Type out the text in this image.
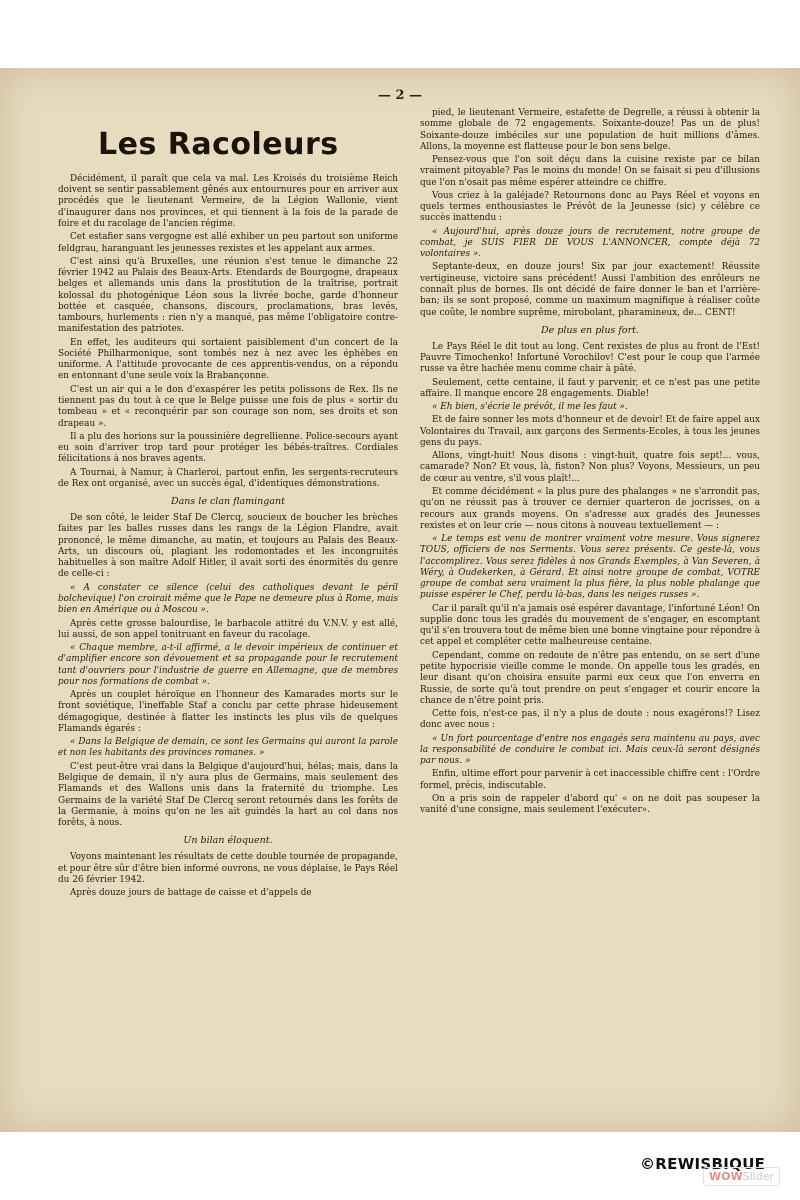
— 2 —
Les Racoleurs

Décidément, il paraît que cela va mal. Les Kroisés du troisième Reich doivent se sentir passablement gênés aux entournures pour en arriver aux procédés que le lieutenant Vermeire, de la Légion Wallonie, vient d'inaugurer dans nos provinces, et qui tiennent à la fois de la parade de foire et du racolage de l'ancien régime.

Cet estafier sans vergogne est allé exhiber un peu partout son uniforme feldgrau, haranguant les jeunesses rexistes et les appelant aux armes.

C'est ainsi qu'à Bruxelles, une réunion s'est tenue le dimanche 22 février 1942 au Palais des Beaux-Arts. Etendards de Bourgogne, drapeaux belges et allemands unis dans la prostitution de la traîtrise, portrait kolossal du photogénique Léon sous la livrée boche, garde d'honneur bottée et casquée, chansons, discours, proclamations, bras levés, tambours, hurlements : rien n'y a manqué, pas même l'obligatoire contre-manifestation des patriotes.

En effet, les auditeurs qui sortaient paisiblement d'un concert de la Société Philharmonique, sont tombés nez à nez avec les éphèbes en uniforme. A l'attitude provocante de ces apprentis-vendus, on a répondu en entonnant d'une seule voix la Brabançonne.

C'est un air qui a le don d'exaspérer les petits polissons de Rex. Ils ne tiennent pas du tout à ce que le Belge puisse une fois de plus « sortir du tombeau » et « reconquérir par son courage son nom, ses droits et son drapeau ».

Il a plu des horions sur la poussinière degrellienne. Police-secours ayant eu soin d'arriver trop tard pour protéger les bébés-traîtres. Cordiales félicitations à nos braves agents.

A Tournai, à Namur, à Charleroi, partout enfin, les sergents-recruteurs de Rex ont organisé, avec un succès égal, d'identiques démonstrations.

Dans le clan flamingant

De son côté, le leider Staf De Clercq, soucieux de boucher les brèches faites par les balles russes dans les rangs de la Légion Flandre, avait prononcé, le même dimanche, au matin, et toujours au Palais des Beaux-Arts, un discours où, plagiant les rodomontades et les incongruités habituelles à son maître Adolf Hitler, il avait sorti des énormités du genre de celle-ci :

« A constater ce silence (celui des catholiques devant le péril bolchevique) l'on croirait même que le Pape ne demeure plus à Rome, mais bien en Amérique ou à Moscou ».

Après cette grosse balourdise, le barbacole attitré du V.N.V. y est allé, lui aussi, de son appel tonitruant en faveur du racolage.

« Chaque membre, a-t-il affirmé, a le devoir impérieux de continuer et d'amplifier encore son dévouement et sa propagande pour le recrutement tant d'ouvriers pour l'industrie de guerre en Allemagne, que de membres pour nos formations de combat ».

Après un couplet héroïque en l'honneur des Kamarades morts sur le front soviétique, l'ineffable Staf a conclu par cette phrase hideusement démagogique, destinée à flatter les instincts les plus vils de quelques Flamands égarés :

« Dans la Belgique de demain, ce sont les Germains qui auront la parole et non les habitants des provinces romanes. »

C'est peut-être vrai dans la Belgique d'aujourd'hui, hélas; mais, dans la Belgique de demain, il n'y aura plus de Germains, mais seulement des Flamands et des Wallons unis dans la fraternité du triomphe. Les Germains de la variété Staf De Clercq seront retournés dans les forêts de la Germanie, à moins qu'on ne les ait guindés la hart au col dans nos forêts, à nous.

Un bilan éloquent.

Voyons maintenant les résultats de cette double tournée de propagande, et pour être sûr d'être bien informé ouvrons, ne vous déplaise, le Pays Réel du 26 février 1942.

Après douze jours de battage de caisse et d'appels de

pied, le lieutenant Vermeire, estafette de Degrelle, a réussi à obtenir la somme globale de 72 engagements. Soixante-douze! Pas un de plus! Soixante-douze imbéciles sur une population de huit millions d'âmes. Allons, la moyenne est flatteuse pour le bon sens belge.

Pensez-vous que l'on soit déçu dans la cuisine rexiste par ce bilan vraiment pitoyable? Pas le moins du monde! On se faisait si peu d'illusions que l'on n'osait pas même espérer atteindre ce chiffre.

Vous criez à la galéjade? Retournons donc au Pays Réel et voyons en quels termes enthousiastes le Prévôt de la Jeunesse (sic) y célèbre ce succès inattendu :

« Aujourd'hui, après douze jours de recrutement, notre groupe de combat, je SUIS FIER DE VOUS L'ANNONCER, compte déjà 72 volontaires ».

Septante-deux, en douze jours! Six par jour exactement! Réussite vertigineuse, victoire sans précédent! Aussi l'ambition des enrôleurs ne connaît plus de bornes. Ils ont décidé de faire donner le ban et l'arrière-ban; ils se sont proposé, comme un maximum magnifique à réaliser coûte que coûte, le nombre suprême, mirobolant, pharamineux, de... CENT!

De plus en plus fort.

Le Pays Réel le dit tout au long. Cent rexistes de plus au front de l'Est! Pauvre Timochenko! Infortuné Vorochilov! C'est pour le coup que l'armée russe va être hachée menu comme chair à pâté.

Seulement, cette centaine, il faut y parvenir, et ce n'est pas une petite affaire. Il manque encore 28 engagements. Diable!

« Eh bien, s'écrie le prévôt, il me les faut ».

Et de faire sonner les mots d'honneur et de devoir! Et de faire appel aux Volontaires du Travail, aux garçons des Serments-Ecoles, à tous les jeunes gens du pays.

Allons, vingt-huit! Nous disons : vingt-huit, quatre fois sept!... vous, camarade? Non? Et vous, là, fiston? Non plus? Voyons, Messieurs, un peu de cœur au ventre, s'il vous plaît!...

Et comme décidément « la plus pure des phalanges » ne s'arrondit pas, qu'on ne réussit pas à trouver ce dernier quarteron de jocrisses, on a recours aux grands moyens. On s'adresse aux gradés des Jeunesses rexistes et on leur crie — nous citons à nouveau textuellement — :

« Le temps est venu de montrer vraiment votre mesure. Vous signerez TOUS, officiers de nos Serments. Vous serez présents. Ce geste-là, vous l'accomplirez. Vous serez fidèles à nos Grands Exemples, à Van Severen, à Wéry, à Oudekerken, à Gérard. Et ainsi notre groupe de combat, VOTRE groupe de combat sera vraiment la plus fière, la plus noble phalange que puisse espérer le Chef, perdu là-bas, dans les neiges russes ».

Car il paraît qu'il n'a jamais osé espérer davantage, l'infortuné Léon! On supplie donc tous les gradés du mouvement de s'engager, en escomptant qu'il s'en trouvera tout de même bien une bonne vingtaine pour répondre à cet appel et compléter cette malheureuse centaine.

Cependant, comme on redoute de n'être pas entendu, on se sert d'une petite hypocrisie vieille comme le monde. On appelle tous les gradés, en leur disant qu'on choisira ensuite parmi eux ceux que l'on enverra en Russie, de sorte qu'à tout prendre on peut s'engager et courir encore la chance de n'être point pris.

Cette fois, n'est-ce pas, il n'y a plus de doute : nous exagérons!? Lisez donc avec nous :

« Un fort pourcentage d'entre nos engagés sera maintenu au pays, avec la responsabilité de conduire le combat ici. Mais ceux-là seront désignés par nous. »

Enfin, ultime effort pour parvenir à cet inaccessible chiffre cent : l'Ordre formel, précis, indiscutable.

On a pris soin de rappeler d'abord qu' « on ne doit pas soupeser la vanité d'une consigne, mais seulement l'exécuter».

©REWISBIQUE
WOWSlider
